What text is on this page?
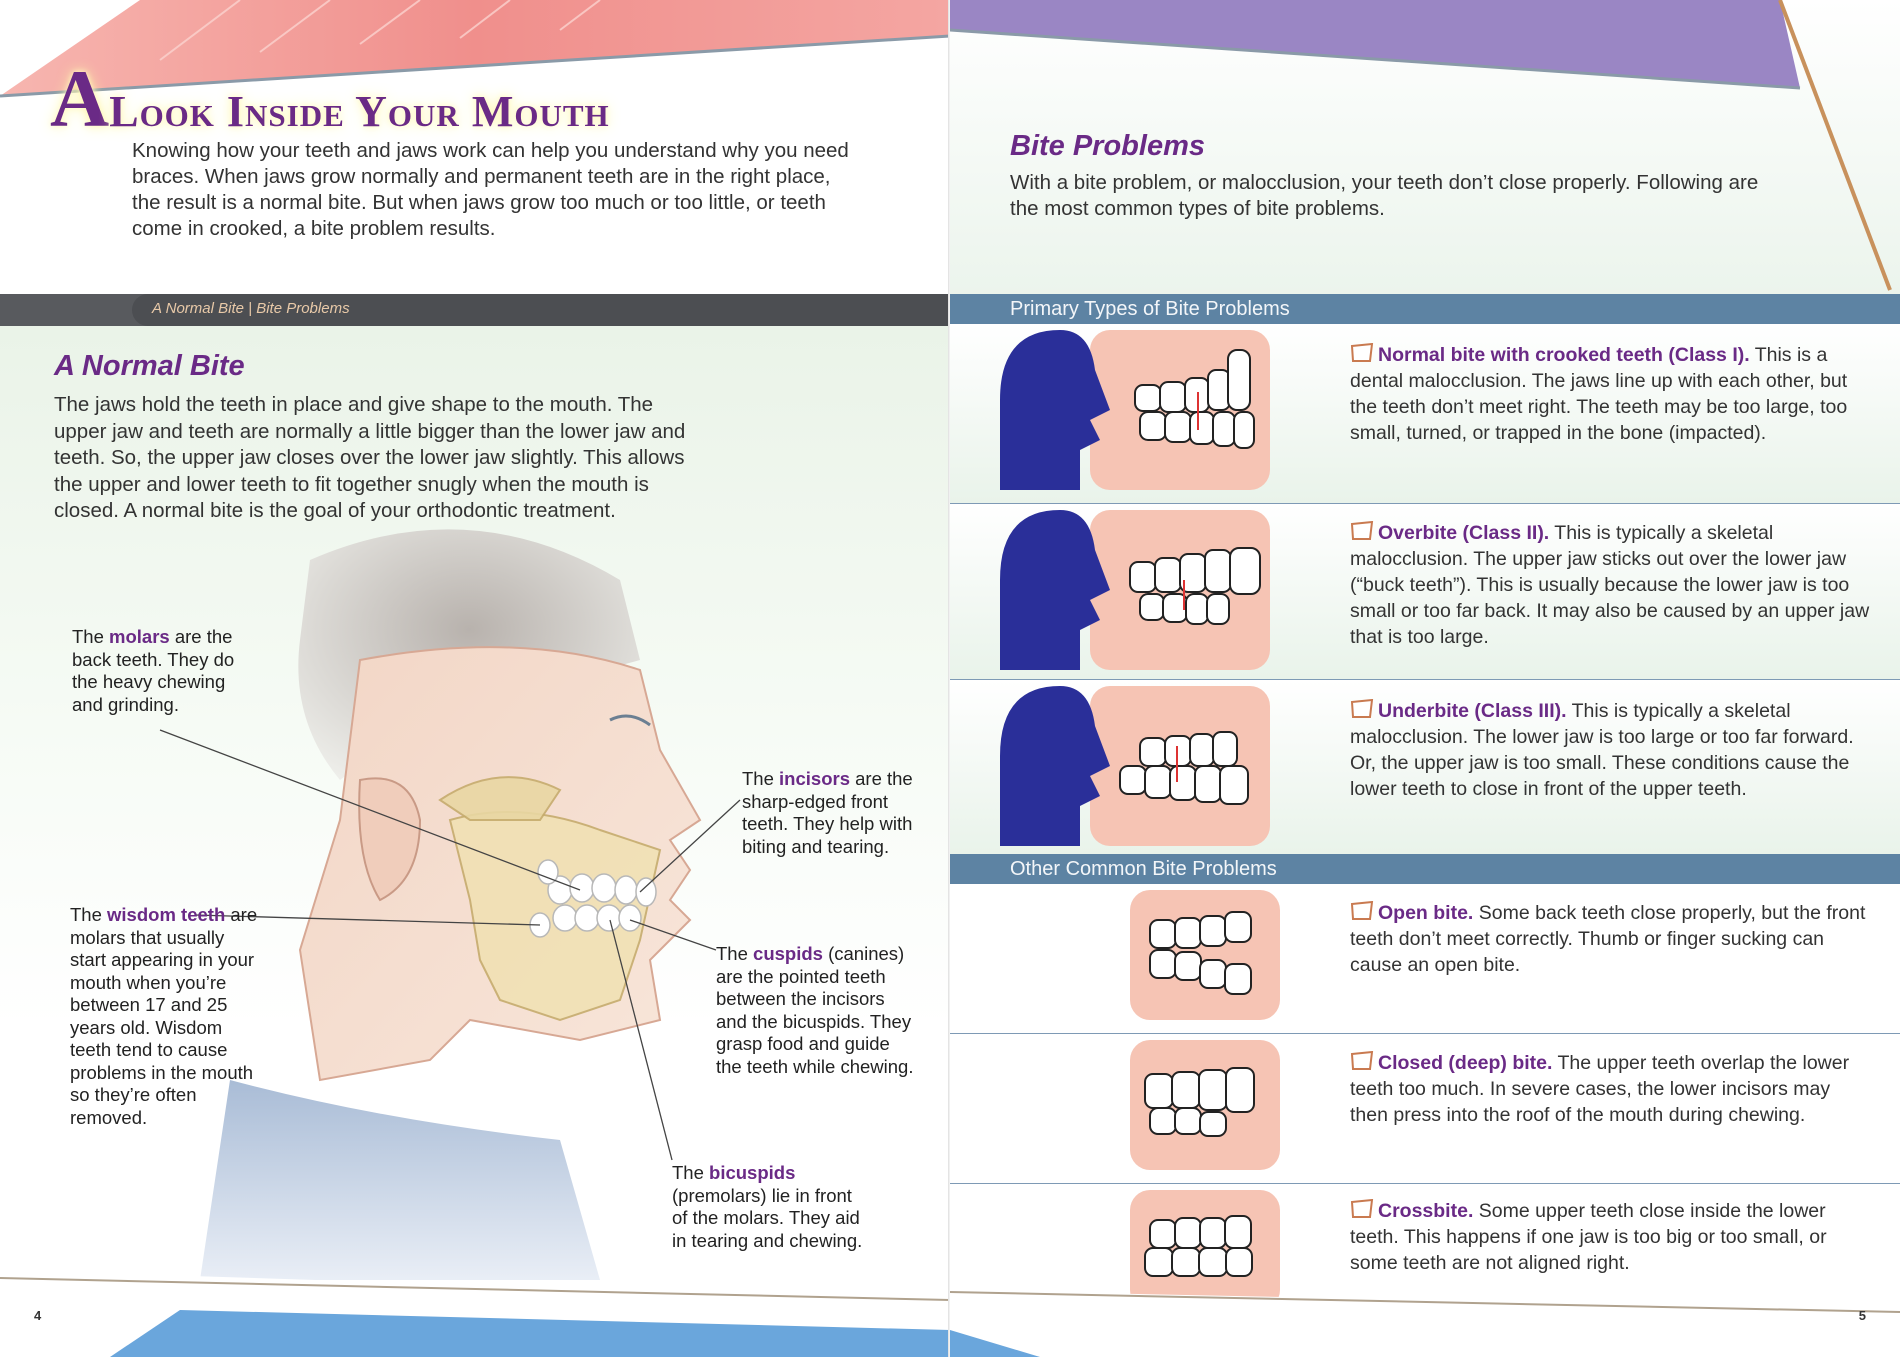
ALook Inside Your Mouth

Knowing how your teeth and jaws work can help you understand why you need braces. When jaws grow normally and permanent teeth are in the right place, the result is a normal bite. But when jaws grow too much or too little, or teeth come in crooked, a bite problem results.

A Normal Bite | Bite Problems
A Normal Bite

The jaws hold the teeth in place and give shape to the mouth. The upper jaw and teeth are normally a little bigger than the lower jaw and teeth. So, the upper jaw closes over the lower jaw slightly. This allows the upper and lower teeth to fit together snugly when the mouth is closed. A normal bite is the goal of your orthodontic treatment.

The molars are the back teeth. They do the heavy chewing and grinding.

The wisdom teeth are molars that usually start appearing in your mouth when you’re between 17 and 25 years old. Wisdom teeth tend to cause problems in the mouth so they’re often removed.

The incisors are the sharp-edged front teeth. They help with biting and tearing.

The cuspids (canines) are the pointed teeth between the incisors and the bicuspids. They grasp food and guide the teeth while chewing.

The bicuspids (premolars) lie in front of the molars. They aid in tearing and chewing.

4
Bite Problems

With a bite problem, or malocclusion, your teeth don’t close properly. Following are the most common types of bite problems.

Primary Types of Bite Problems

Normal bite with crooked teeth (Class I). This is a dental malocclusion. The jaws line up with each other, but the teeth don’t meet right. The teeth may be too large, too small, turned, or trapped in the bone (impacted).

Overbite (Class II). This is typically a skeletal malocclusion. The upper jaw sticks out over the lower jaw (“buck teeth”). This is usually because the lower jaw is too small or too far back. It may also be caused by an upper jaw that is too large.

Underbite (Class III). This is typically a skeletal malocclusion. The lower jaw is too large or too far forward. Or, the upper jaw is too small. These conditions cause the lower teeth to close in front of the upper teeth.

Other Common Bite Problems

Open bite. Some back teeth close properly, but the front teeth don’t meet correctly. Thumb or finger sucking can cause an open bite.

Closed (deep) bite. The upper teeth overlap the lower teeth too much. In severe cases, the lower incisors may then press into the roof of the mouth during chewing.

Crossbite. Some upper teeth close inside the lower teeth. This happens if one jaw is too big or too small, or some teeth are not aligned right.

5
